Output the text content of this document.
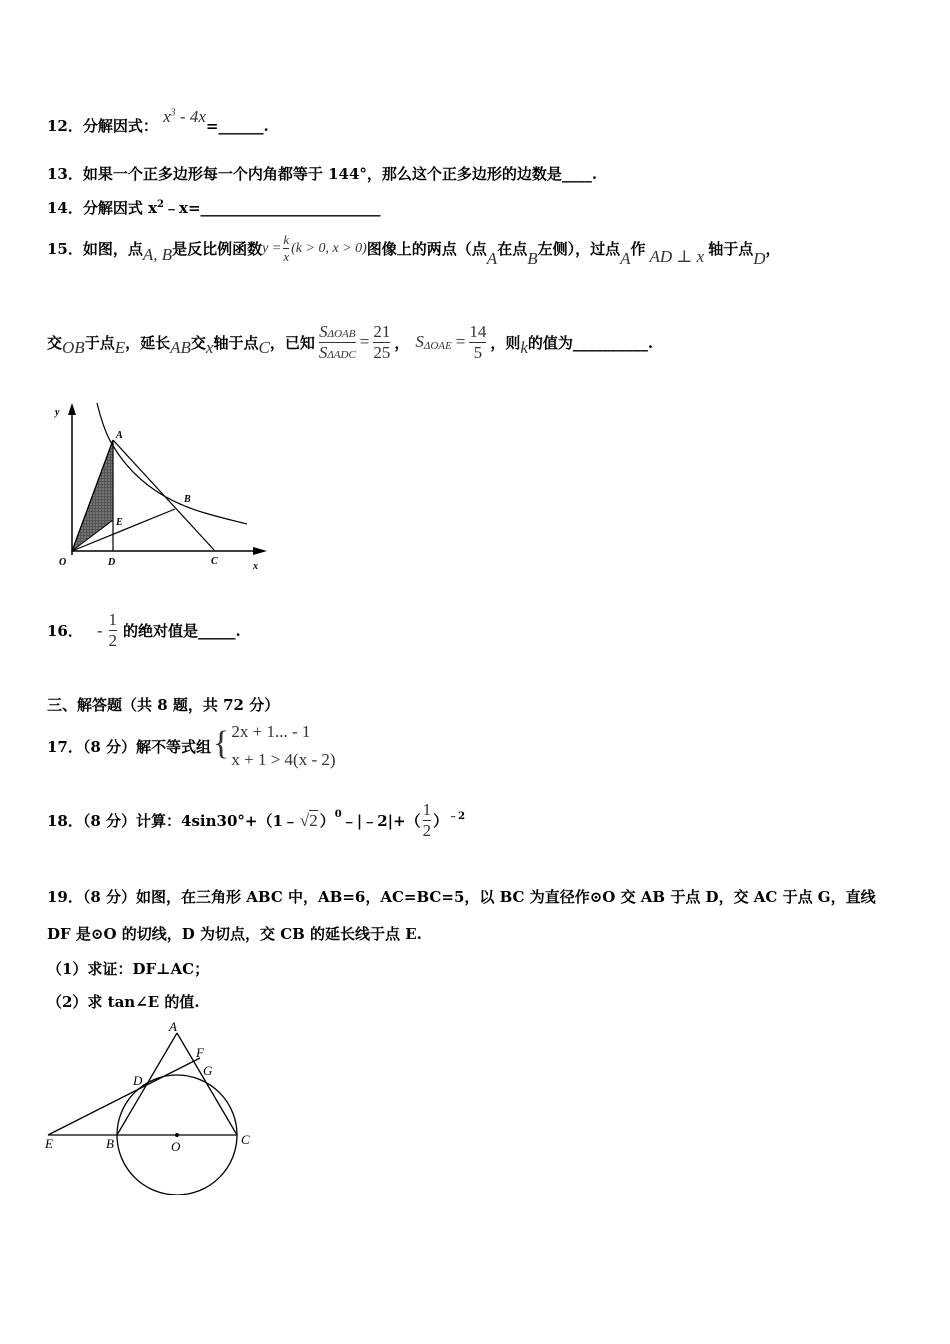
12．分解因式： $x^3$ - 4x=______.
13．如果一个正多边形每一个内角都等于 144°，那么这个正多边形的边数是____.
14．分解因式 $x^2﹣x=\_\_\_\_\_\_\_\_\_\_\_\_\_\_\_\_\_\_\_\_\_\_\_\_$
15．如图，点 A, B 是反比例函数 $y = \frac{k}{x} (k > 0$, x > 0) 图像上的两点（点 A 在点 B 左侧），过点 A 作 AD ⊥ x 轴于点 D ，
交 OB 于点 E ，延长 AB 交 x 轴于点 C ，已知 $\frac{\text{SΔOAB}}{\text{SΔADC}} = \frac{21}{25}$ ， S $\Delta OAE = \frac{14}{5}$ ，则 k 的值为__________.
y
A
B
E
O	D	C	x
16． - $\frac{1}{2}$ 的绝对值是_____.
三、解答题（共 8 题，共 72 分）
17．（8 分）解不等式组 { 2x + 1... - 1
x + 1 > 4(x - 2)
18．（8 分）计算：4sin30°+（1﹣ √2 ）$^0$ ﹣|﹣2|+（ $\frac{1}{2} )^{﹣2}$
19．（8 分）如图，在三角形 ABC 中，AB=6，AC=BC=5，以 BC 为直径作⊙O 交 AB 于点 D，交 AC 于点 G，直线
DF 是⊙O 的切线，D 为切点，交 CB 的延长线于点 E.
（1）求证：DF⊥AC；
（2）求 tan∠E 的值.
A
F
D
G
E	B	O	C
